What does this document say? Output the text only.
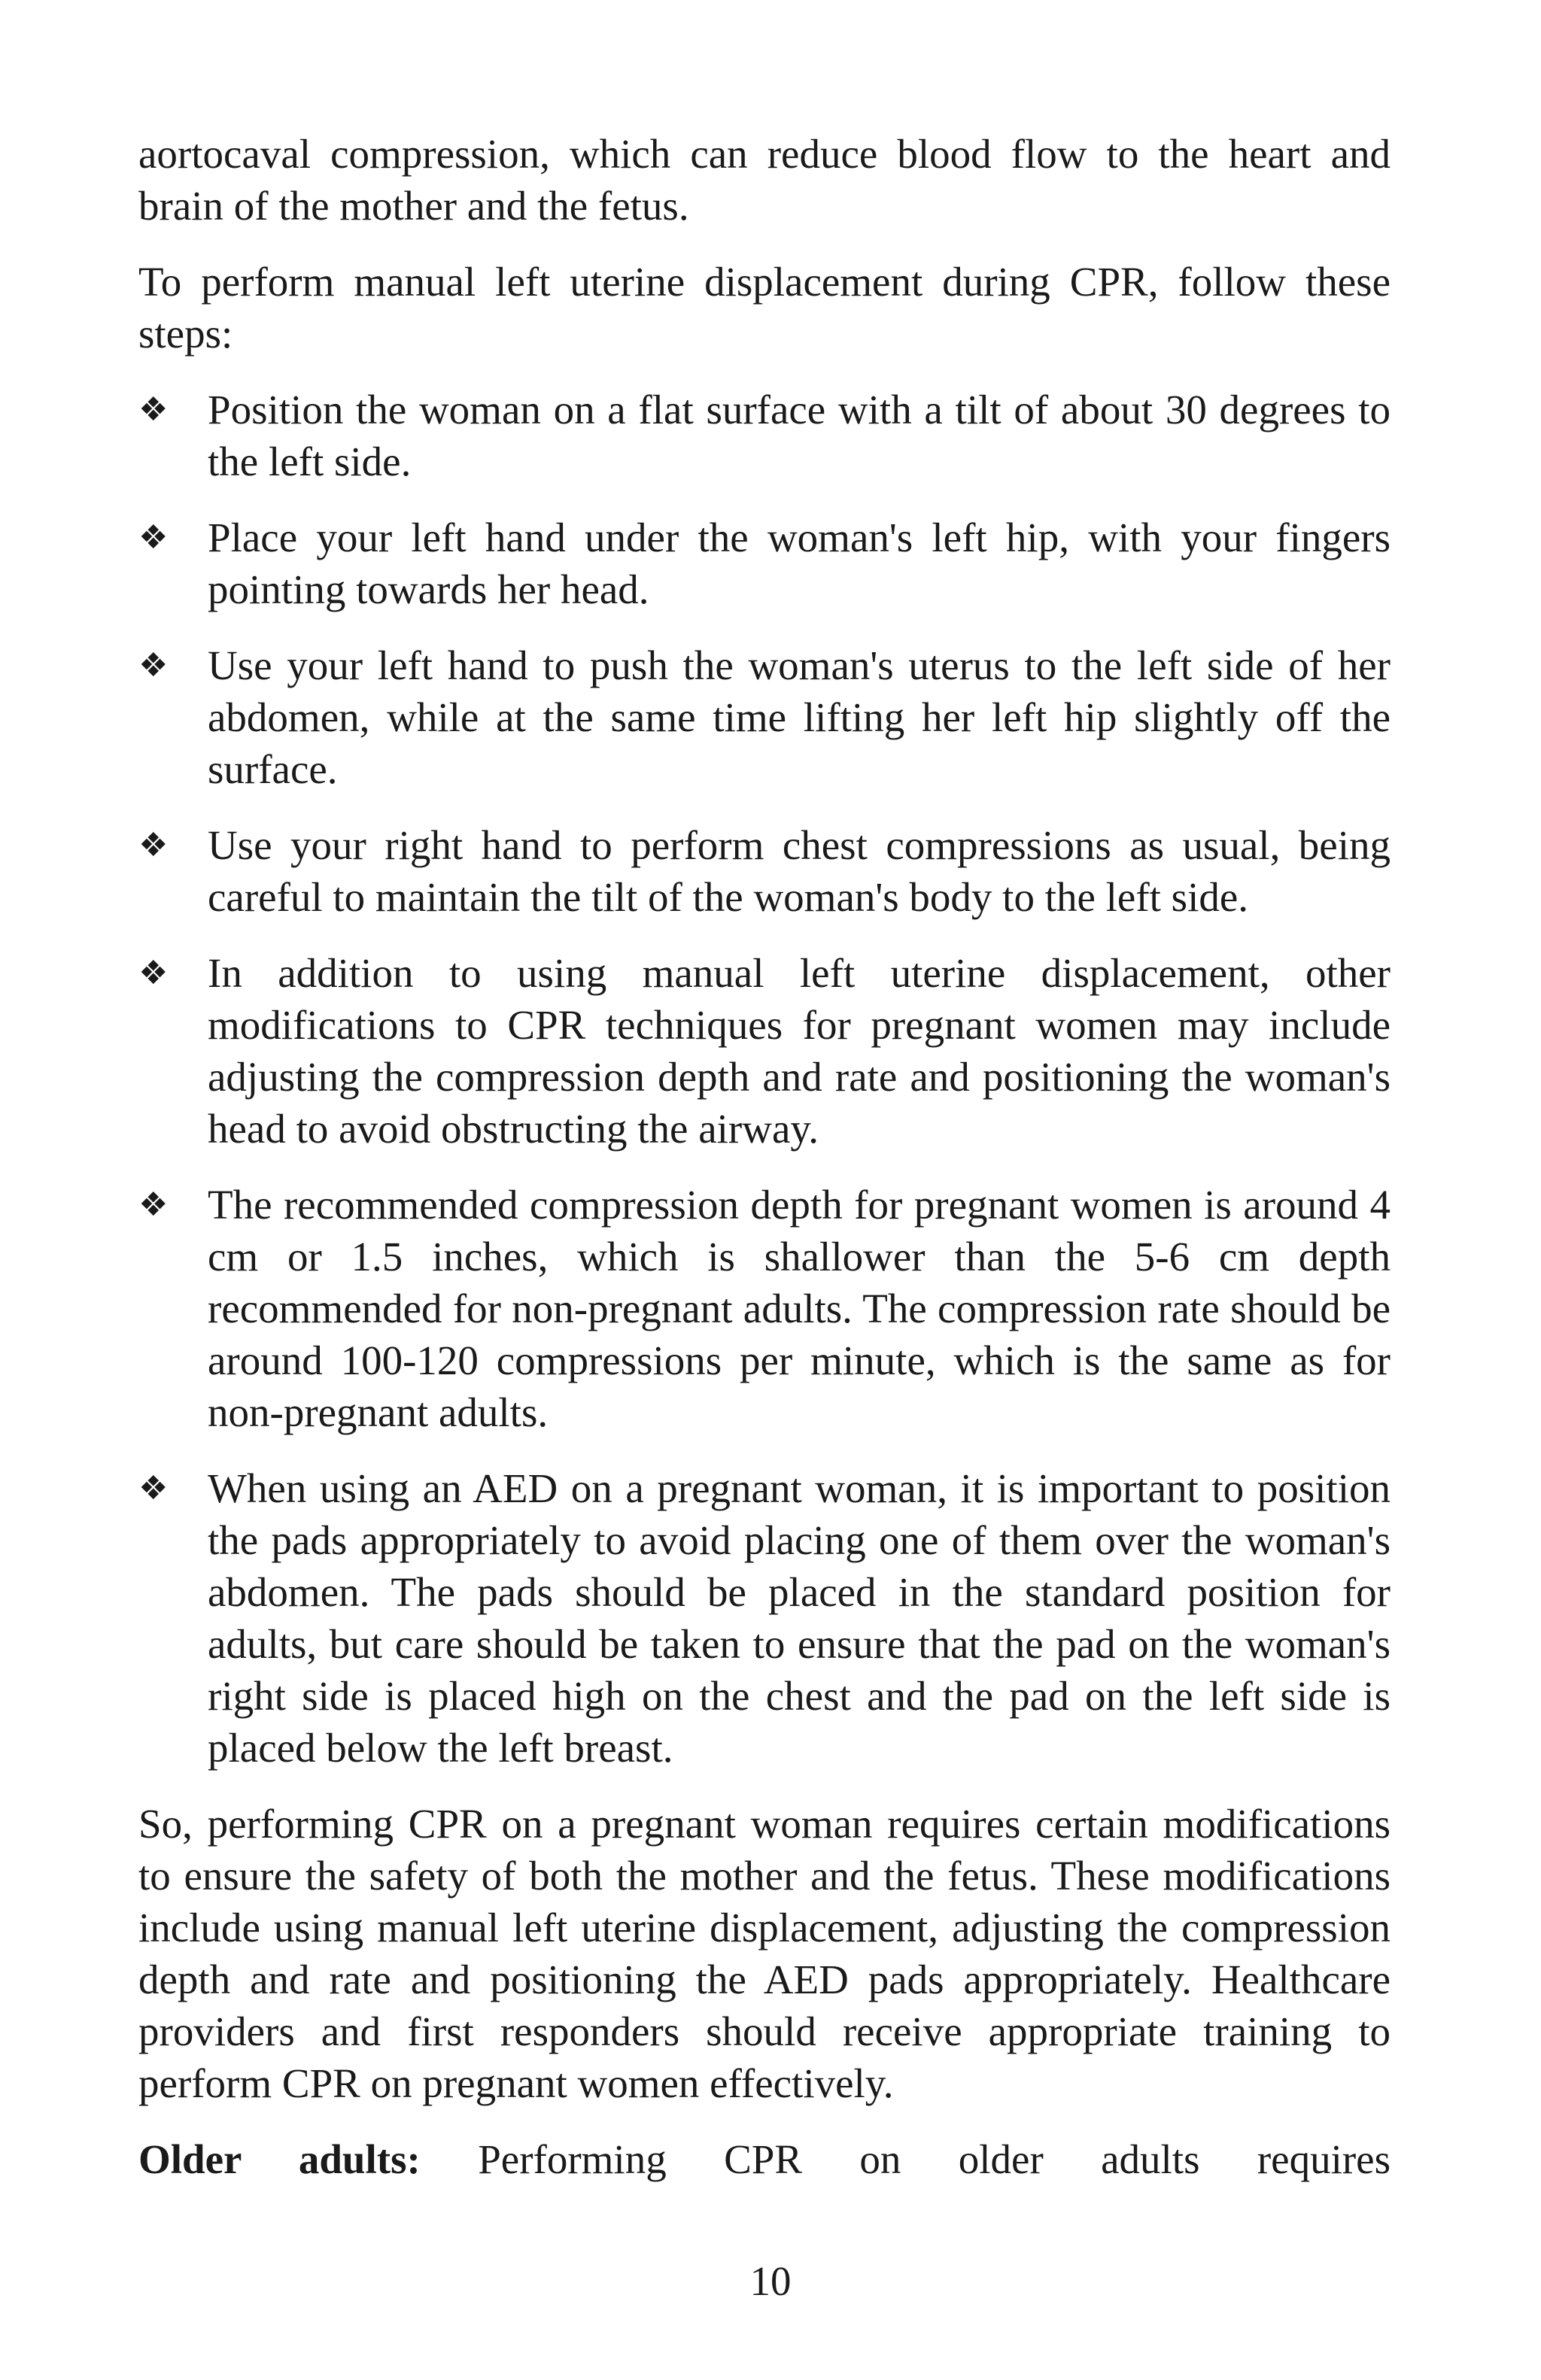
aortocaval compression, which can reduce blood flow to the heart and brain of the mother and the fetus.

To perform manual left uterine displacement during CPR, follow these steps:

❖ Position the woman on a flat surface with a tilt of about 30 degrees to the left side.
❖ Place your left hand under the woman's left hip, with your fingers pointing towards her head.
❖ Use your left hand to push the woman's uterus to the left side of her abdomen, while at the same time lifting her left hip slightly off the surface.
❖ Use your right hand to perform chest compressions as usual, being careful to maintain the tilt of the woman's body to the left side.
❖ In addition to using manual left uterine displacement, other modifications to CPR techniques for pregnant women may include adjusting the compression depth and rate and positioning the woman's head to avoid obstructing the airway.
❖ The recommended compression depth for pregnant women is around 4 cm or 1.5 inches, which is shallower than the 5-6 cm depth recommended for non-pregnant adults. The compression rate should be around 100-120 compressions per minute, which is the same as for non-pregnant adults.
❖ When using an AED on a pregnant woman, it is important to position the pads appropriately to avoid placing one of them over the woman's abdomen. The pads should be placed in the standard position for adults, but care should be taken to ensure that the pad on the woman's right side is placed high on the chest and the pad on the left side is placed below the left breast.

So, performing CPR on a pregnant woman requires certain modifications to ensure the safety of both the mother and the fetus. These modifications include using manual left uterine displacement, adjusting the compression depth and rate and positioning the AED pads appropriately. Healthcare providers and first responders should receive appropriate training to perform CPR on pregnant women effectively.

Older adults: Performing CPR on older adults requires

10
